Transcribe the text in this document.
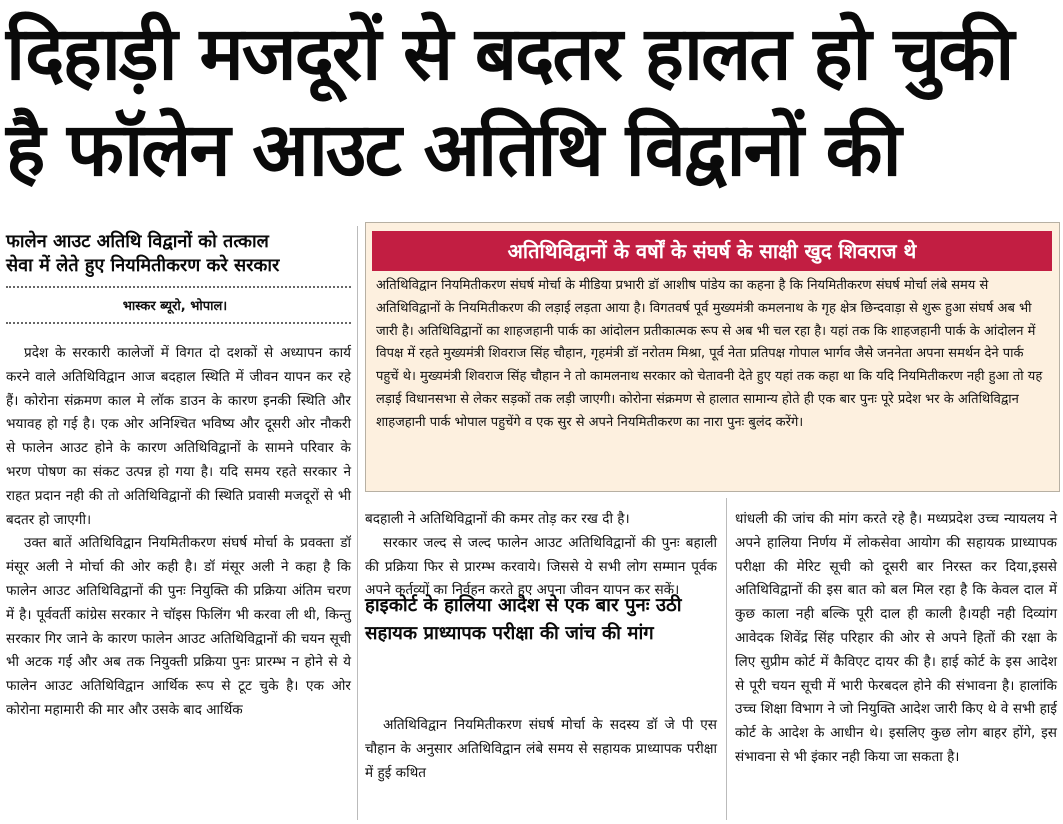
दिहाड़ी मजदूरों से बदतर हालत हो चुकी
है फॉलेन आउट अतिथि विद्वानों की
फालेन आउट अतिथि विद्वानों को तत्काल
सेवा में लेते हुए नियमितीकरण करे सरकार
भास्कर ब्यूरो, भोपाल।

प्रदेश के सरकारी कालेजों में विगत दो दशकों से अध्यापन कार्य करने वाले अतिथिविद्वान आज बदहाल स्थिति में जीवन यापन कर रहे हैं। कोरोना संक्रमण काल मे लॉक डाउन के कारण इनकी स्थिति और भयावह हो गई है। एक ओर अनिश्चित भविष्य और दूसरी ओर नौकरी से फालेन आउट होने के कारण अतिथिविद्वानों के सामने परिवार के भरण पोषण का संकट उत्पन्न हो गया है। यदि समय रहते सरकार ने राहत प्रदान नही की तो अतिथिविद्वानों की स्थिति प्रवासी मजदूरों से भी बदतर हो जाएगी।

उक्त बातें अतिथिविद्वान नियमितीकरण संघर्ष मोर्चा के प्रवक्ता डॉ मंसूर अली ने मोर्चा की ओर कही है। डॉ मंसूर अली ने कहा है कि फालेन आउट अतिथिविद्वानों की पुनः नियुक्ति की प्रक्रिया अंतिम चरण में है। पूर्ववर्ती कांग्रेस सरकार ने चॉइस फिलिंग भी करवा ली थी, किन्तु सरकार गिर जाने के कारण फालेन आउट अतिथिविद्वानों की चयन सूची भी अटक गई और अब तक नियुक्ती प्रक्रिया पुनः प्रारम्भ न होने से ये फालेन आउट अतिथिविद्वान आर्थिक रूप से टूट चुके है। एक ओर कोरोना महामारी की मार और उसके बाद आर्थिक

अतिथिविद्वानों के वर्षों के संघर्ष के साक्षी खुद शिवराज थे

अतिथिविद्वान नियमितीकरण संघर्ष मोर्चा के मीडिया प्रभारी डॉ आशीष पांडेय का कहना है कि नियमितीकरण संघर्ष मोर्चा लंबे समय से अतिथिविद्वानों के नियमितीकरण की लड़ाई लड़ता आया है। विगतवर्ष पूर्व मुख्यमंत्री कमलनाथ के गृह क्षेत्र छिन्दवाड़ा से शुरू हुआ संघर्ष अब भी जारी है। अतिथिविद्वानों का शाहजहानी पार्क का आंदोलन प्रतीकात्मक रूप से अब भी चल रहा है। यहां तक कि शाहजहानी पार्क के आंदोलन में विपक्ष में रहते मुख्यमंत्री शिवराज सिंह चौहान, गृहमंत्री डॉ नरोतम मिश्रा, पूर्व नेता प्रतिपक्ष गोपाल भार्गव जैसे जननेता अपना समर्थन देने पार्क पहुचें थे। मुख्यमंत्री शिवराज सिंह चौहान ने तो कामलनाथ सरकार को चेतावनी देते हुए यहां तक कहा था कि यदि नियमितीकरण नही हुआ तो यह लड़ाई विधानसभा से लेकर सड़कों तक लड़ी जाएगी। कोरोना संक्रमण से हालात सामान्य होते ही एक बार पुनः पूरे प्रदेश भर के अतिथिविद्वान शाहजहानी पार्क भोपाल पहुचेंगे व एक सुर से अपने नियमितीकरण का नारा पुनः बुलंद करेंगे।

बदहाली ने अतिथिविद्वानों की कमर तोड़ कर रख दी है।

सरकार जल्द से जल्द फालेन आउट अतिथिविद्वानों की पुनः बहाली की प्रक्रिया फिर से प्रारम्भ करवाये। जिससे ये सभी लोग सम्मान पूर्वक अपने कर्तव्यों का निर्वहन करते हुए अपना जीवन यापन कर सकें।

हाइकोर्ट के हालिया आदेश से एक बार पुनः उठी सहायक प्राध्यापक परीक्षा की जांच की मांग

अतिथिविद्वान नियमितीकरण संघर्ष मोर्चा के सदस्य डॉ जे पी एस चौहान के अनुसार अतिथिविद्वान लंबे समय से सहायक प्राध्यापक परीक्षा में हुई कथित

धांधली की जांच की मांग करते रहे है। मध्यप्रदेश उच्च न्यायलय ने अपने हालिया निर्णय में लोकसेवा आयोग की सहायक प्राध्यापक परीक्षा की मेरिट सूची को दूसरी बार निरस्त कर दिया,इससे अतिथिविद्वानों की इस बात को बल मिल रहा है कि केवल दाल में कुछ काला नही बल्कि पूरी दाल ही काली है।यही नही दिव्यांग आवेदक शिवेंद्र सिंह परिहार की ओर से अपने हितों की रक्षा के लिए सुप्रीम कोर्ट में कैविएट दायर की है। हाई कोर्ट के इस आदेश से पूरी चयन सूची में भारी फेरबदल होने की संभावना है। हालांकि उच्च शिक्षा विभाग ने जो नियुक्ति आदेश जारी किए थे वे सभी हाई कोर्ट के आदेश के आधीन थे। इसलिए कुछ लोग बाहर होंगे, इस संभावना से भी इंकार नही किया जा सकता है।
